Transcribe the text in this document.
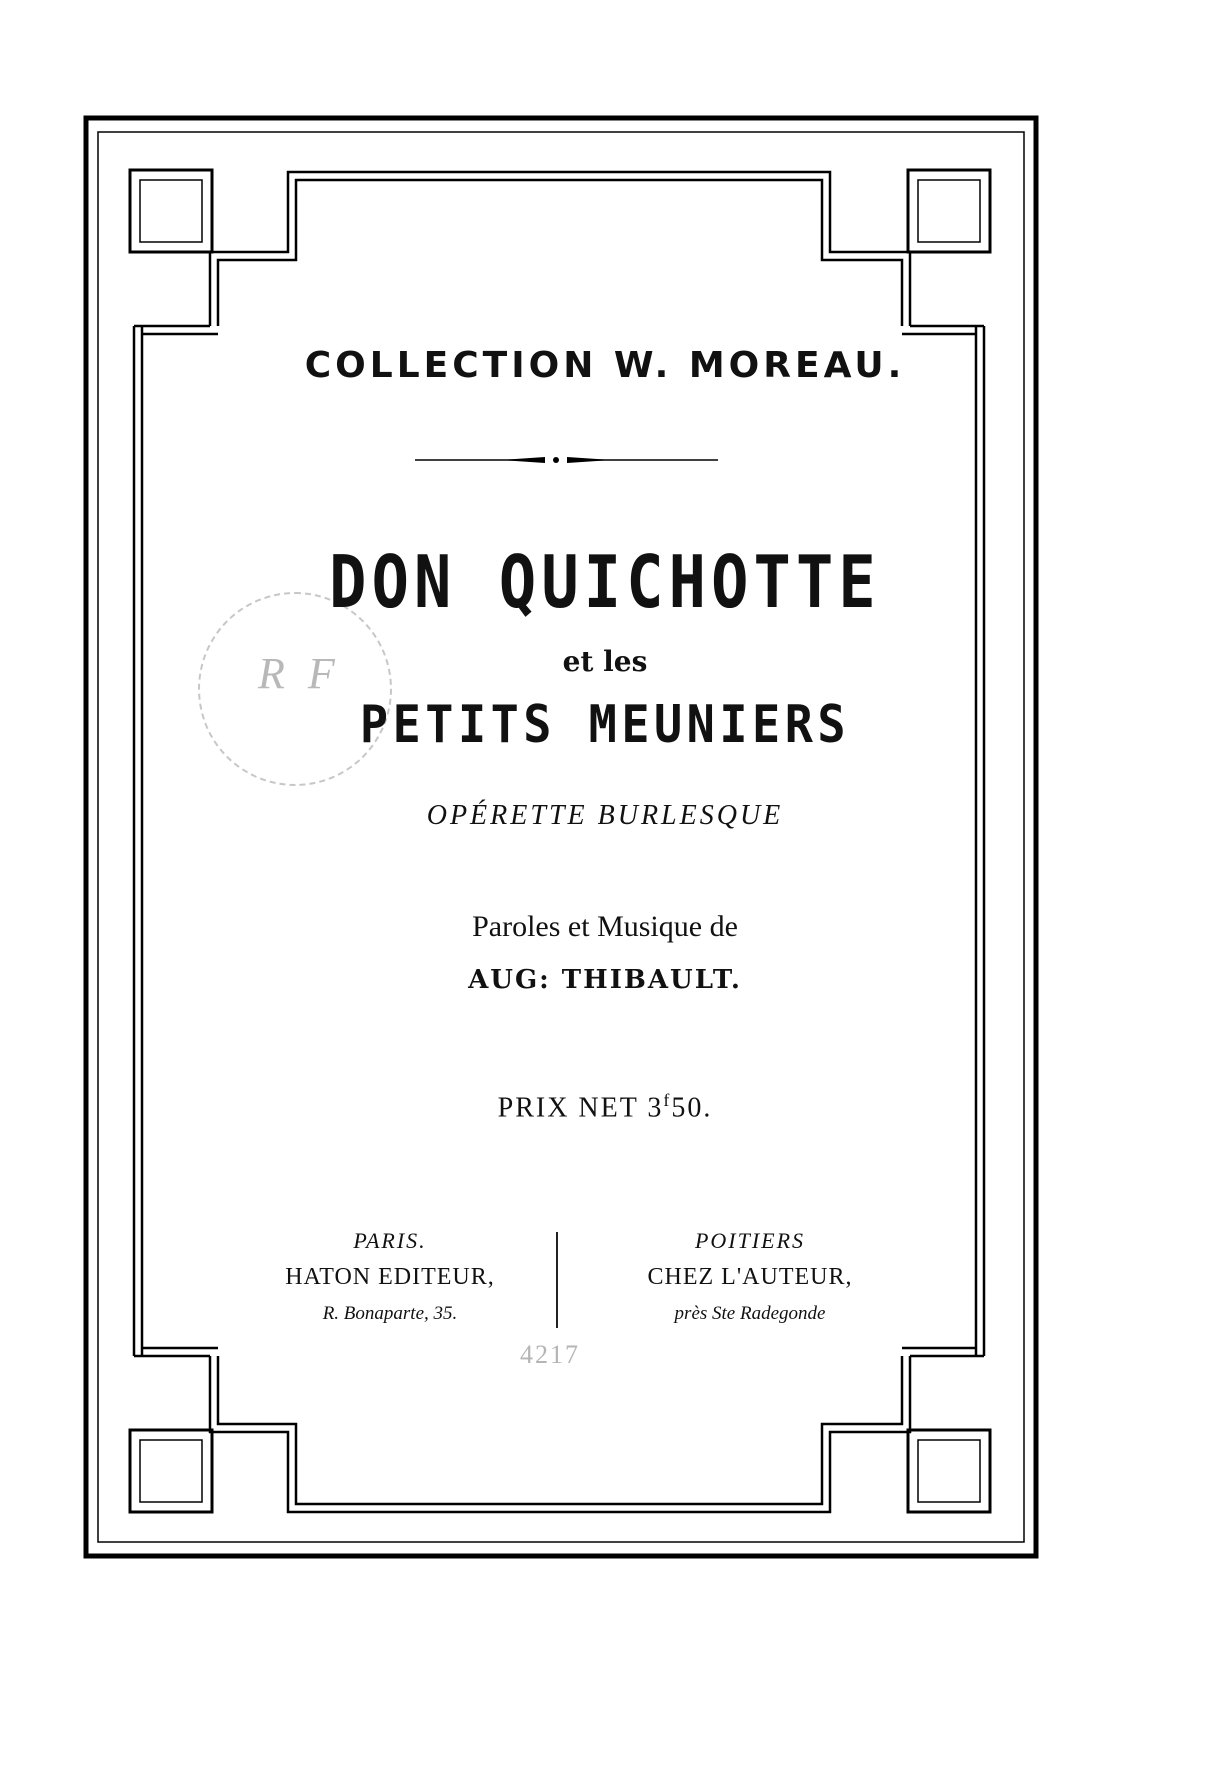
R F
COLLECTION W. MOREAU.
DON QUICHOTTE
et les
PETITS MEUNIERS
OPÉRETTE BURLESQUE
Paroles et Musique de
AUG: THIBAULT.
PRIX NET 3$^f$50.
PARIS.
HATON EDITEUR,
R. Bonaparte, 35.
POITIERS
CHEZ L'AUTEUR,
près Ste Radegonde
4217
